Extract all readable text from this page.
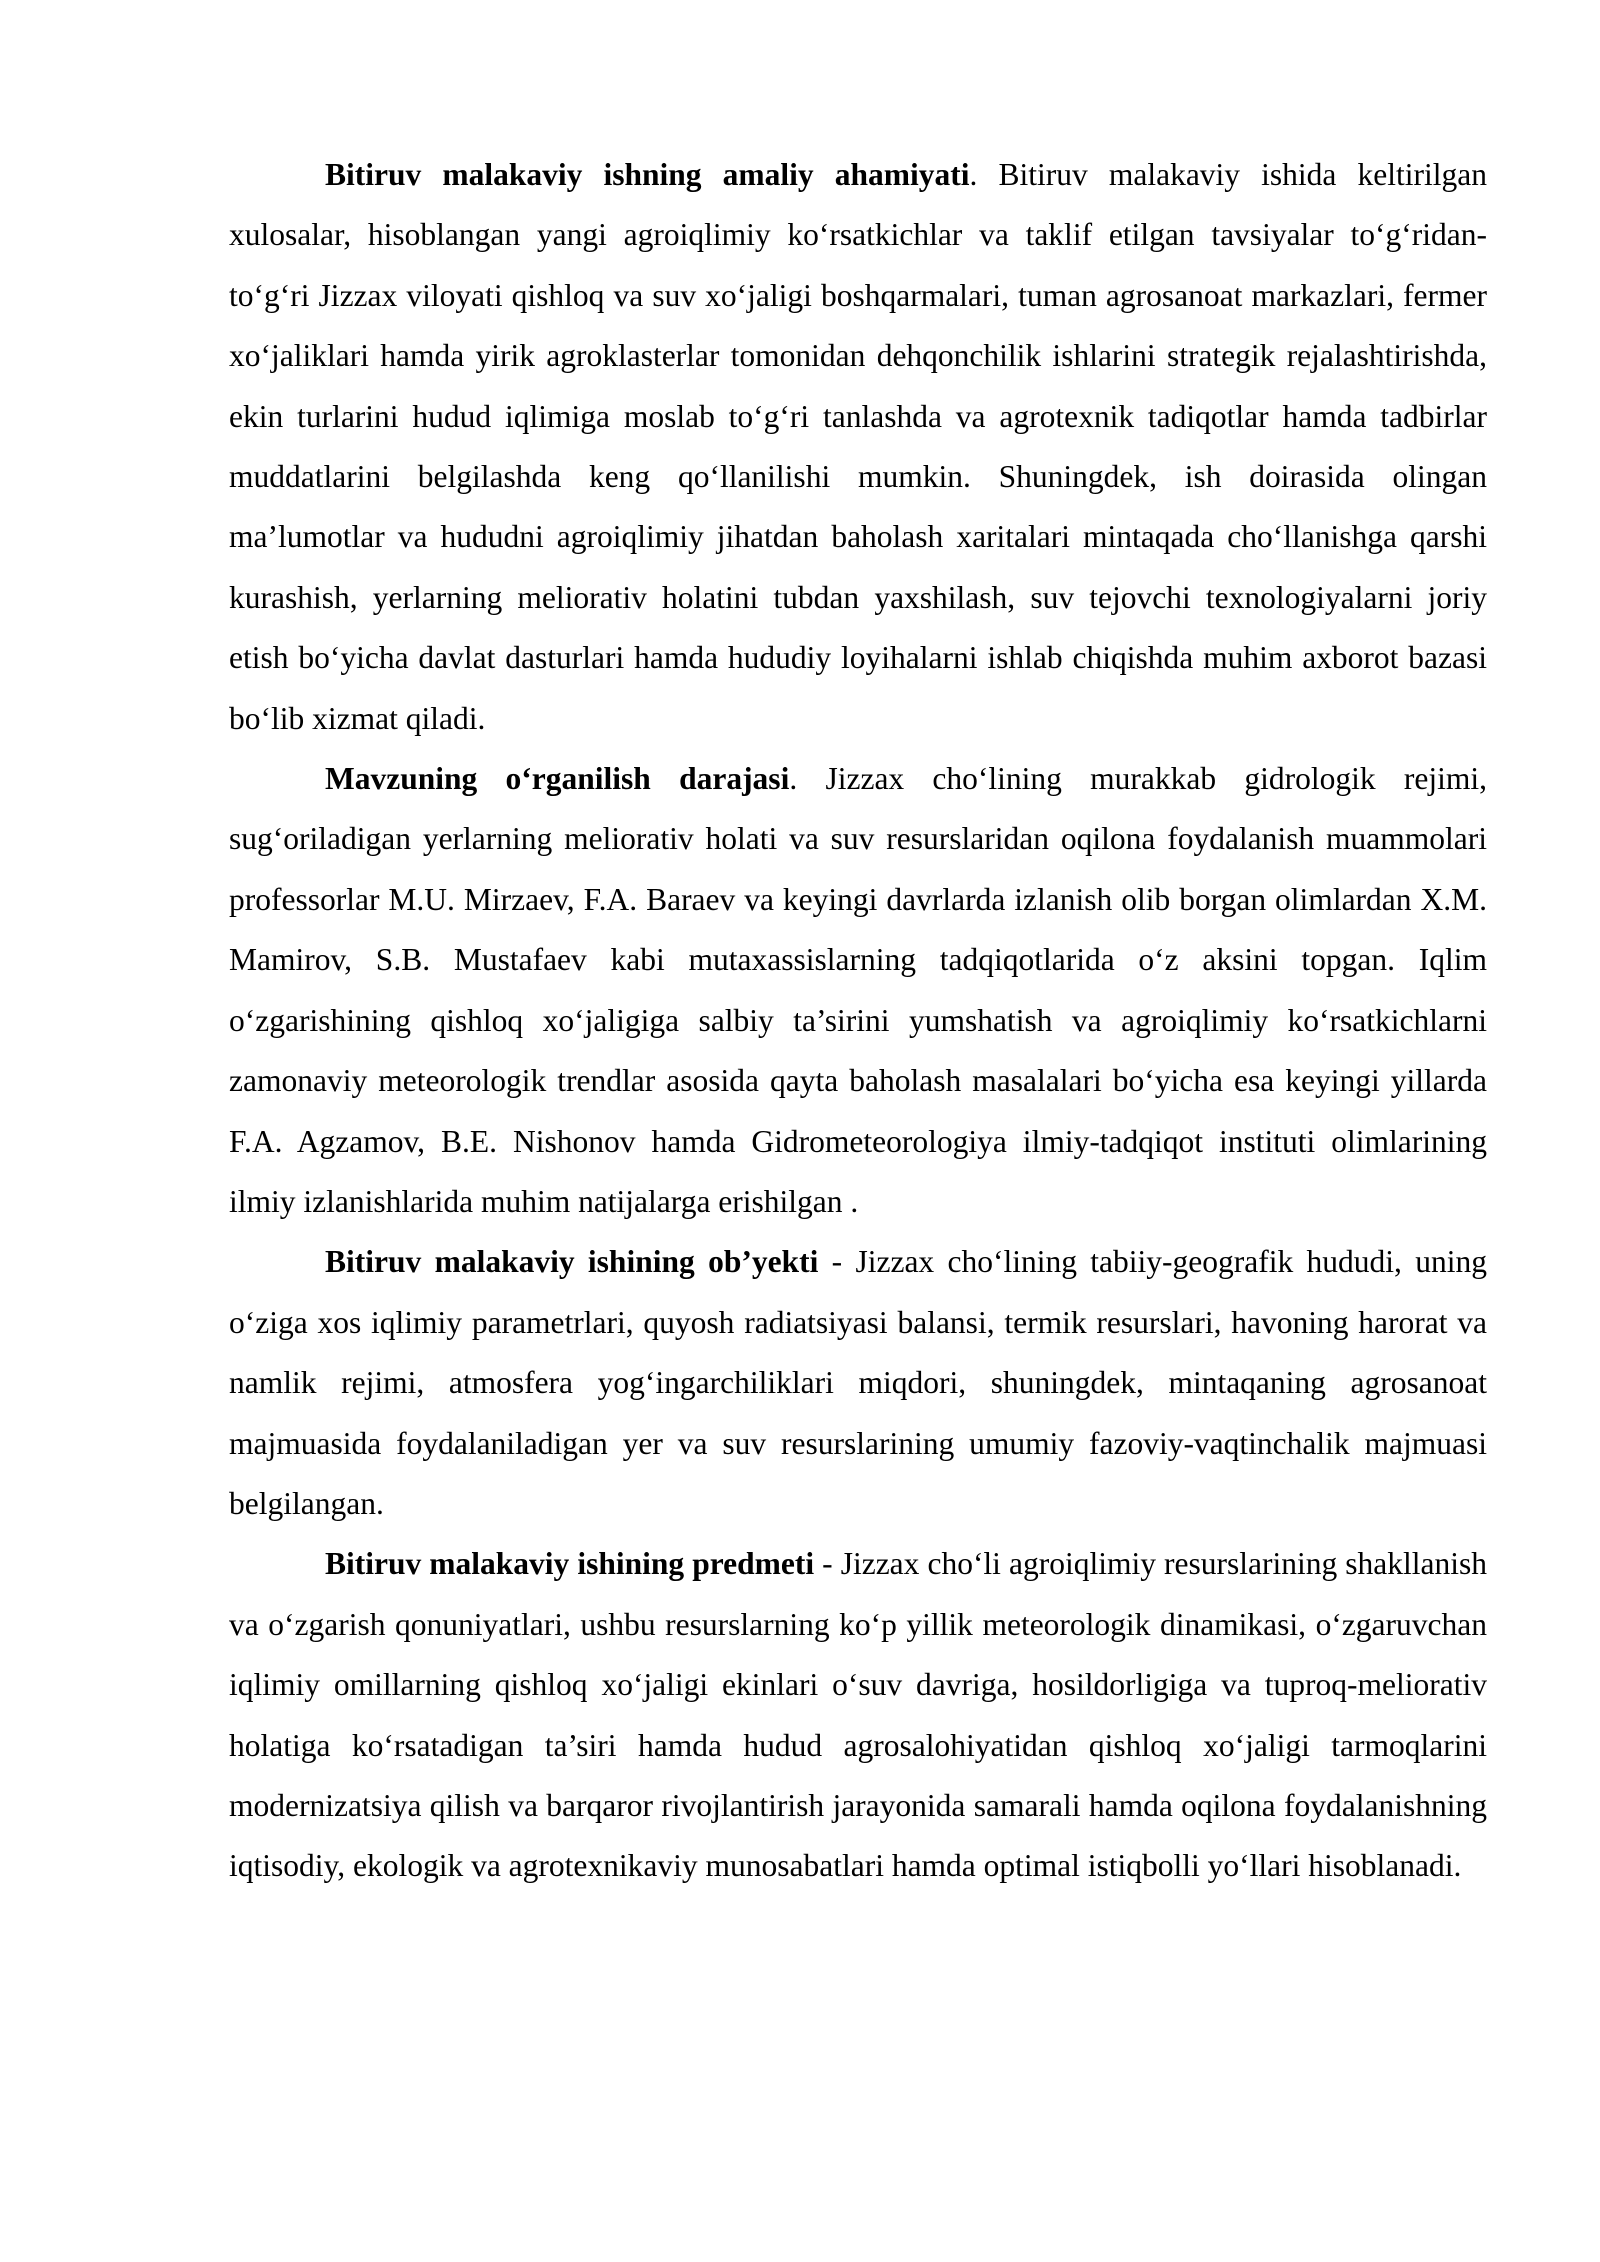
Bitiruv malakaviy ishning amaliy ahamiyati. Bitiruv malakaviy ishida keltirilgan xulosalar, hisoblangan yangi agroiqlimiy ko‘rsatkichlar va taklif etilgan tavsiyalar to‘g‘ridan-to‘g‘ri Jizzax viloyati qishloq va suv xo‘jaligi boshqarmalari, tuman agrosanoat markazlari, fermer xo‘jaliklari hamda yirik agroklasterlar tomonidan dehqonchilik ishlarini strategik rejalashtirishda, ekin turlarini hudud iqlimiga moslab to‘g‘ri tanlashda va agrotexnik tadiqotlar hamda tadbirlar muddatlarini belgilashda keng qo‘llanilishi mumkin. Shuningdek, ish doirasida olingan ma’lumotlar va hududni agroiqlimiy jihatdan baholash xaritalari mintaqada cho‘llanishga qarshi kurashish, yerlarning meliorativ holatini tubdan yaxshilash, suv tejovchi texnologiyalarni joriy etish bo‘yicha davlat dasturlari hamda hududiy loyihalarni ishlab chiqishda muhim axborot bazasi bo‘lib xizmat qiladi.

Mavzuning o‘rganilish darajasi. Jizzax cho‘lining murakkab gidrologik rejimi, sug‘oriladigan yerlarning meliorativ holati va suv resurslaridan oqilona foydalanish muammolari professorlar M.U. Mirzaev, F.A. Baraev va keyingi davrlarda izlanish olib borgan olimlardan X.M. Mamirov, S.B. Mustafaev kabi mutaxassislarning tadqiqotlarida o‘z aksini topgan. Iqlim o‘zgarishining qishloq xo‘jaligiga salbiy ta’sirini yumshatish va agroiqlimiy ko‘rsatkichlarni zamonaviy meteorologik trendlar asosida qayta baholash masalalari bo‘yicha esa keyingi yillarda F.A. Agzamov, B.E. Nishonov hamda Gidrometeorologiya ilmiy-tadqiqot instituti olimlarining ilmiy izlanishlarida muhim natijalarga erishilgan .

Bitiruv malakaviy ishining ob’yekti - Jizzax cho‘lining tabiiy-geografik hududi, uning o‘ziga xos iqlimiy parametrlari, quyosh radiatsiyasi balansi, termik resurslari, havoning harorat va namlik rejimi, atmosfera yog‘ingarchiliklari miqdori, shuningdek, mintaqaning agrosanoat majmuasida foydalaniladigan yer va suv resurslarining umumiy fazoviy-vaqtinchalik majmuasi belgilangan.

Bitiruv malakaviy ishining predmeti - Jizzax cho‘li agroiqlimiy resurslarining shakllanish va o‘zgarish qonuniyatlari, ushbu resurslarning ko‘p yillik meteorologik dinamikasi, o‘zgaruvchan iqlimiy omillarning qishloq xo‘jaligi ekinlari o‘suv davriga, hosildorligiga va tuproq-meliorativ holatiga ko‘rsatadigan ta’siri hamda hudud agrosalohiyatidan qishloq xo‘jaligi tarmoqlarini modernizatsiya qilish va barqaror rivojlantirish jarayonida samarali hamda oqilona foydalanishning iqtisodiy, ekologik va agrotexnikaviy munosabatlari hamda optimal istiqbolli yo‘llari hisoblanadi.
